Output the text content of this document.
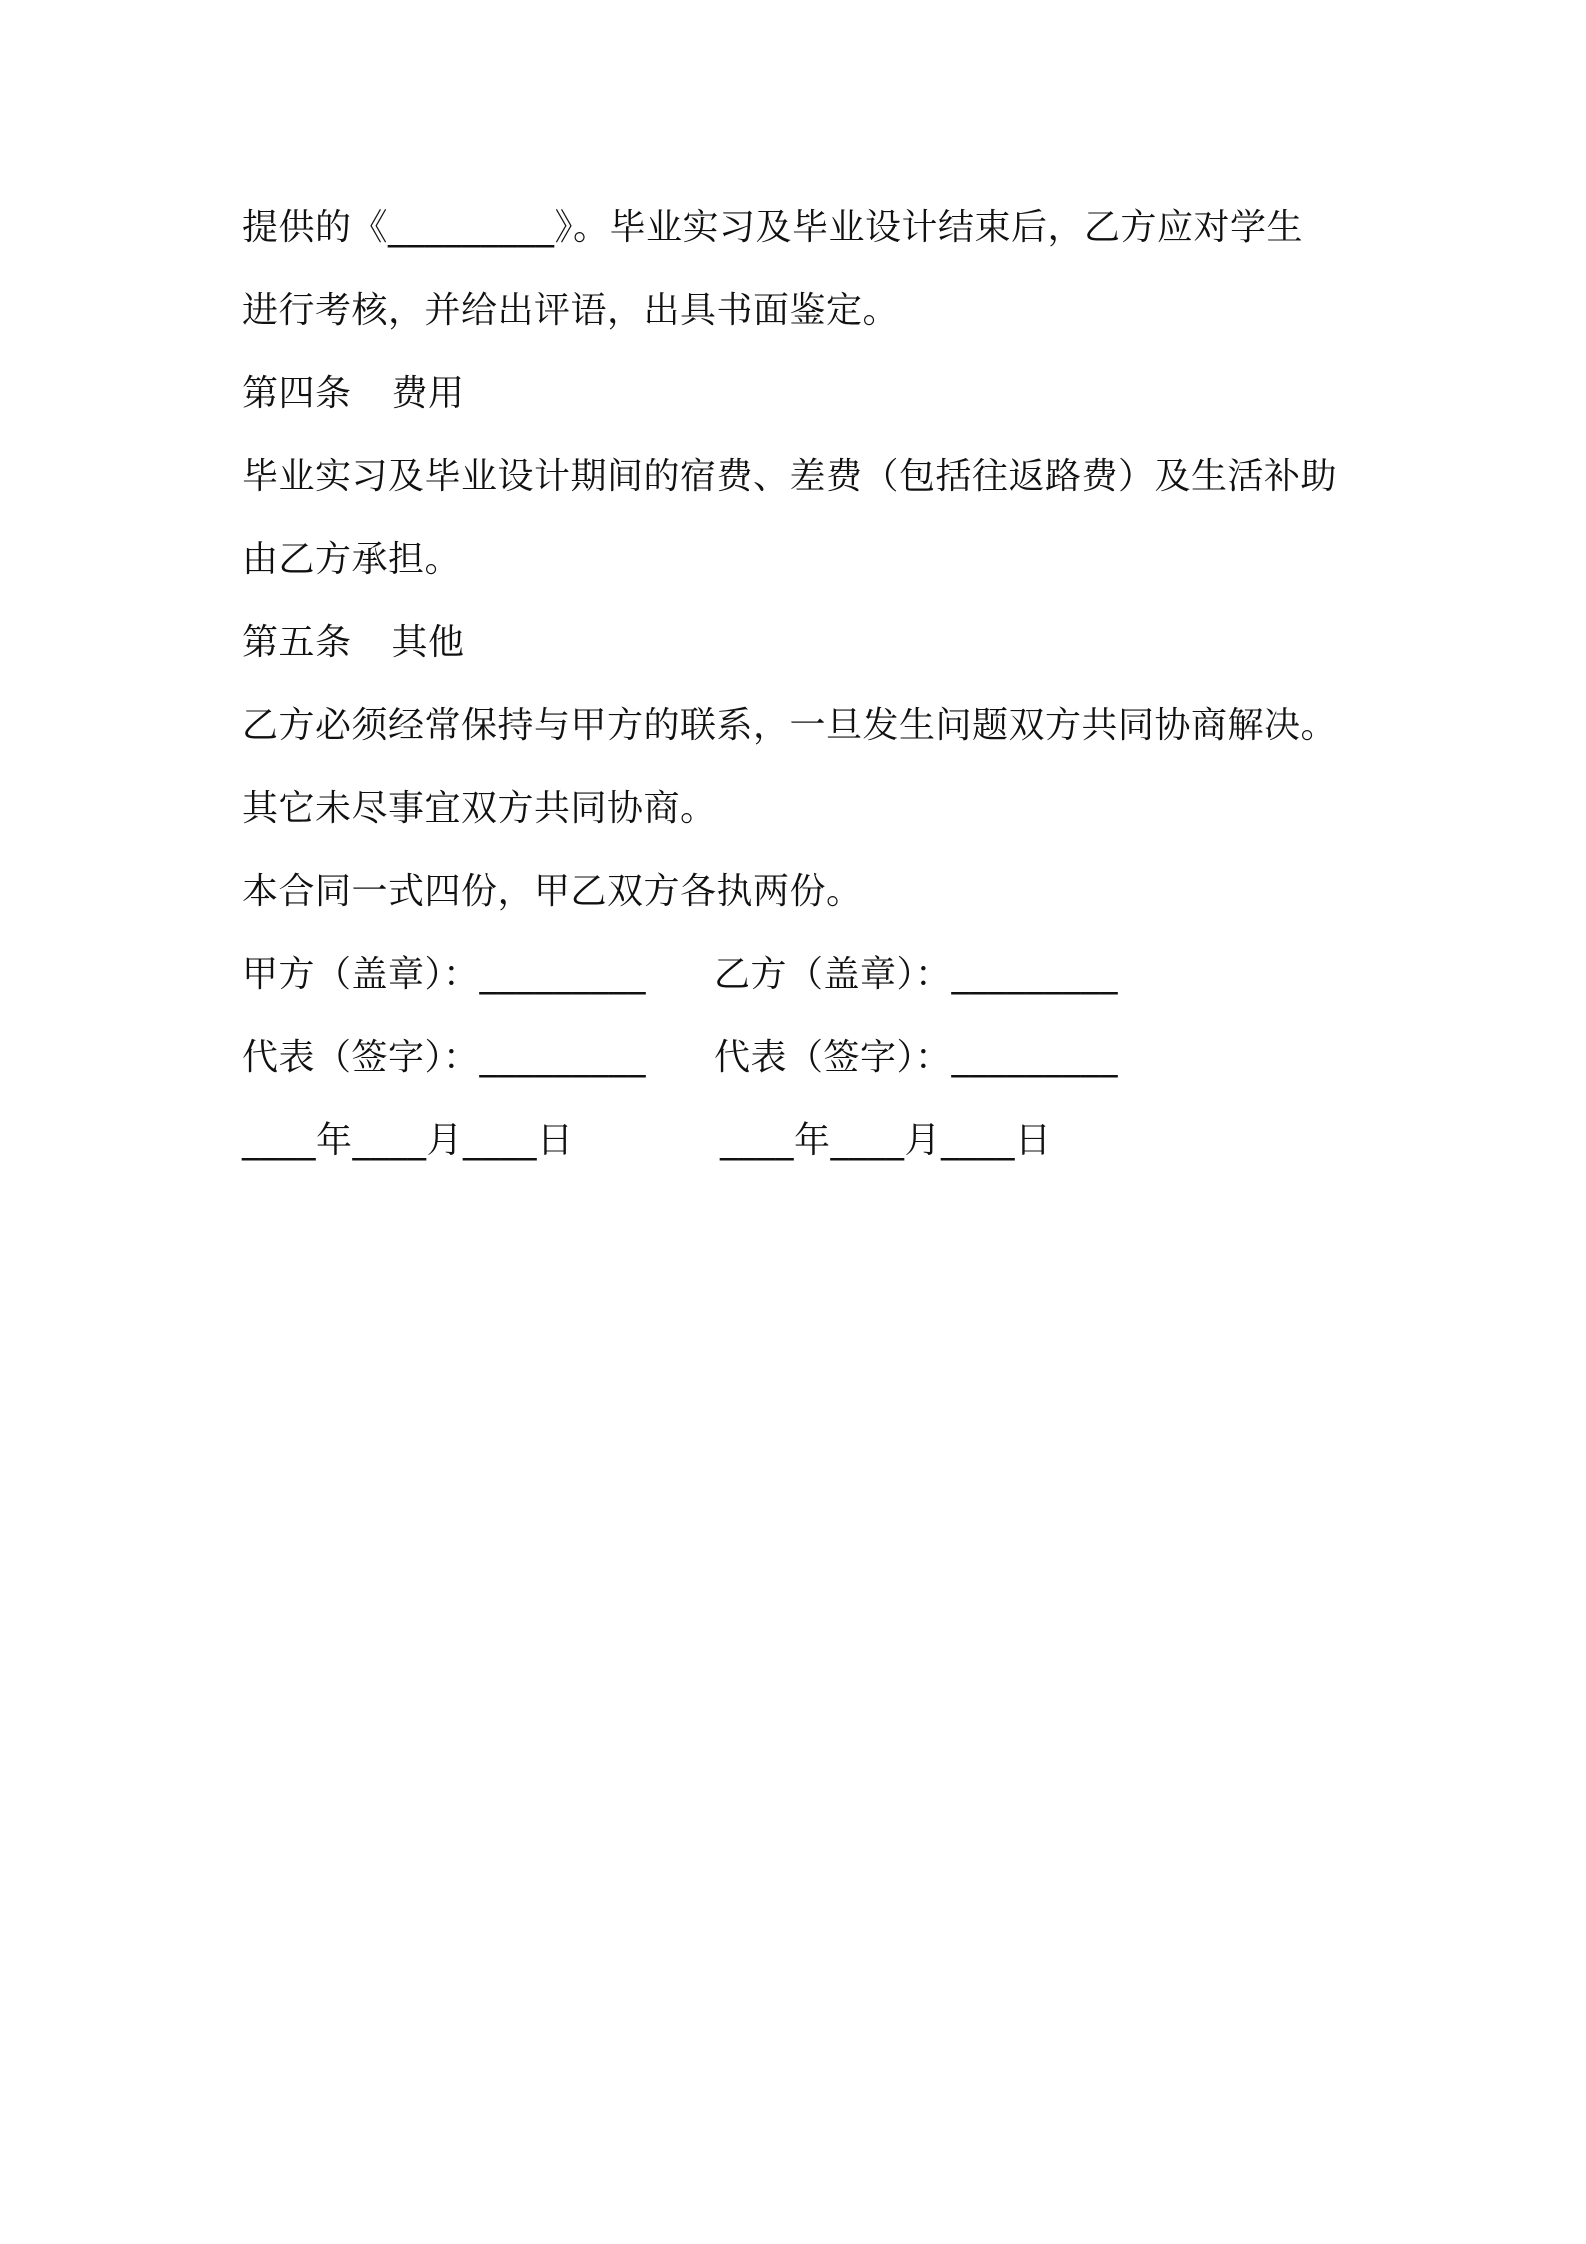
提供的《_________》。毕业实习及毕业设计结束后，乙方应对学生
进行考核，并给出评语，出具书面鉴定。
第四条 费用
毕业实习及毕业设计期间的宿费、差费（包括往返路费）及生活补助
由乙方承担。
第五条 其他
乙方必须经常保持与甲方的联系，一旦发生问题双方共同协商解决。
其它未尽事宜双方共同协商。
本合同一式四份，甲乙双方各执两份。
甲方（盖章）：_________ 乙方（盖章）：_________
代表（签字）：_________ 代表（签字）：_________
____年____月____日	____年____月____日
